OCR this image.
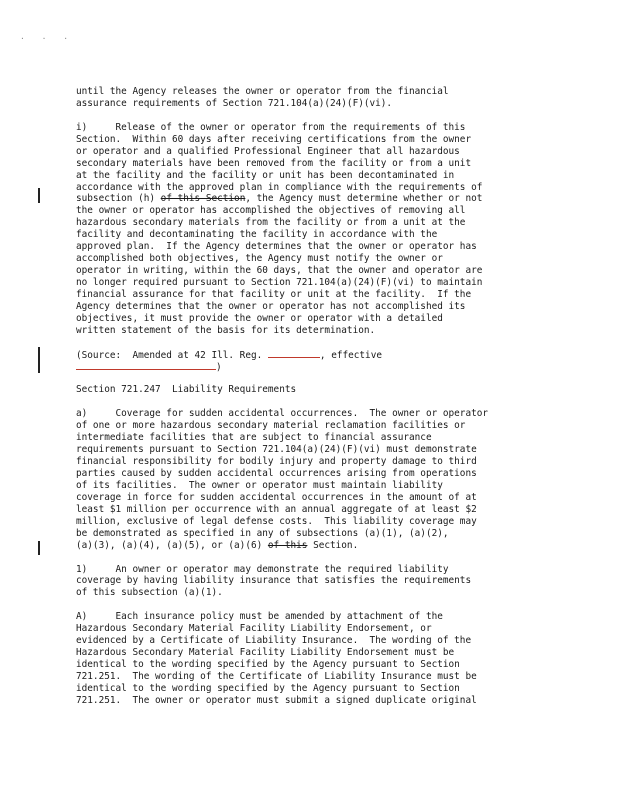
· · ·
until the Agency releases the owner or operator from the financial
assurance requirements of Section 721.104(a)(24)(F)(vi).
i)     Release of the owner or operator from the requirements of this
Section.  Within 60 days after receiving certifications from the owner
or operator and a qualified Professional Engineer that all hazardous
secondary materials have been removed from the facility or from a unit
at the facility and the facility or unit has been decontaminated in
accordance with the approved plan in compliance with the requirements of
subsection (h) of this Section, the Agency must determine whether or not
the owner or operator has accomplished the objectives of removing all
hazardous secondary materials from the facility or from a unit at the
facility and decontaminating the facility in accordance with the
approved plan.  If the Agency determines that the owner or operator has
accomplished both objectives, the Agency must notify the owner or
operator in writing, within the 60 days, that the owner and operator are
no longer required pursuant to Section 721.104(a)(24)(F)(vi) to maintain
financial assurance for that facility or unit at the facility.  If the
Agency determines that the owner or operator has not accomplished its
objectives, it must provide the owner or operator with a detailed
written statement of the basis for its determination.
(Source:  Amended at 42 Ill. Reg.	, effective
)
Section 721.247  Liability Requirements
a)     Coverage for sudden accidental occurrences.  The owner or operator
of one or more hazardous secondary material reclamation facilities or
intermediate facilities that are subject to financial assurance
requirements pursuant to Section 721.104(a)(24)(F)(vi) must demonstrate
financial responsibility for bodily injury and property damage to third
parties caused by sudden accidental occurrences arising from operations
of its facilities.  The owner or operator must maintain liability
coverage in force for sudden accidental occurrences in the amount of at
least $1 million per occurrence with an annual aggregate of at least $2
million, exclusive of legal defense costs.  This liability coverage may
be demonstrated as specified in any of subsections (a)(1), (a)(2),
(a)(3), (a)(4), (a)(5), or (a)(6) of this Section.
1)     An owner or operator may demonstrate the required liability
coverage by having liability insurance that satisfies the requirements
of this subsection (a)(1).
A)     Each insurance policy must be amended by attachment of the
Hazardous Secondary Material Facility Liability Endorsement, or
evidenced by a Certificate of Liability Insurance.  The wording of the
Hazardous Secondary Material Facility Liability Endorsement must be
identical to the wording specified by the Agency pursuant to Section
721.251.  The wording of the Certificate of Liability Insurance must be
identical to the wording specified by the Agency pursuant to Section
721.251.  The owner or operator must submit a signed duplicate original
